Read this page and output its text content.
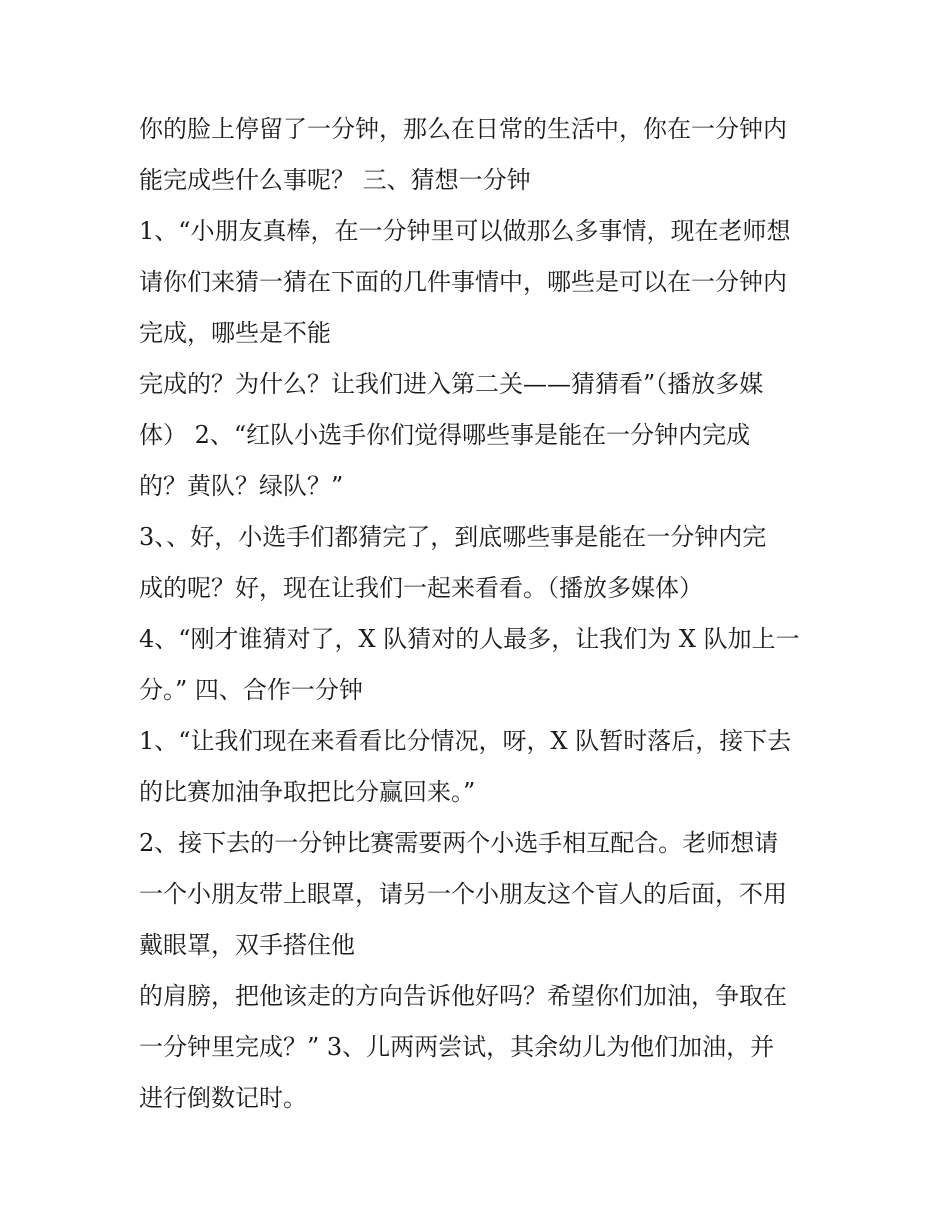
你的脸上停留了一分钟，那么在日常的生活中，你在一分钟内
能完成些什么事呢？ 三、猜想一分钟
1、“小朋友真棒，在一分钟里可以做那么多事情，现在老师想
请你们来猜一猜在下面的几件事情中，哪些是可以在一分钟内
完成，哪些是不能
完成的？为什么？让我们进入第二关——猜猜看”（播放多媒
体） 2、“红队小选手你们觉得哪些事是能在一分钟内完成
的？黄队？绿队？”
3、、好，小选手们都猜完了，到底哪些事是能在一分钟内完
成的呢？好，现在让我们一起来看看。（播放多媒体）
4、“刚才谁猜对了，X 队猜对的人最多，让我们为 X 队加上一
分。” 四、合作一分钟
1、“让我们现在来看看比分情况，呀，X 队暂时落后，接下去
的比赛加油争取把比分赢回来。”
2、接下去的一分钟比赛需要两个小选手相互配合。老师想请
一个小朋友带上眼罩，请另一个小朋友这个盲人的后面，不用
戴眼罩，双手搭住他
的肩膀，把他该走的方向告诉他好吗？希望你们加油，争取在
一分钟里完成？” 3、儿两两尝试，其余幼儿为他们加油，并
进行倒数记时。
